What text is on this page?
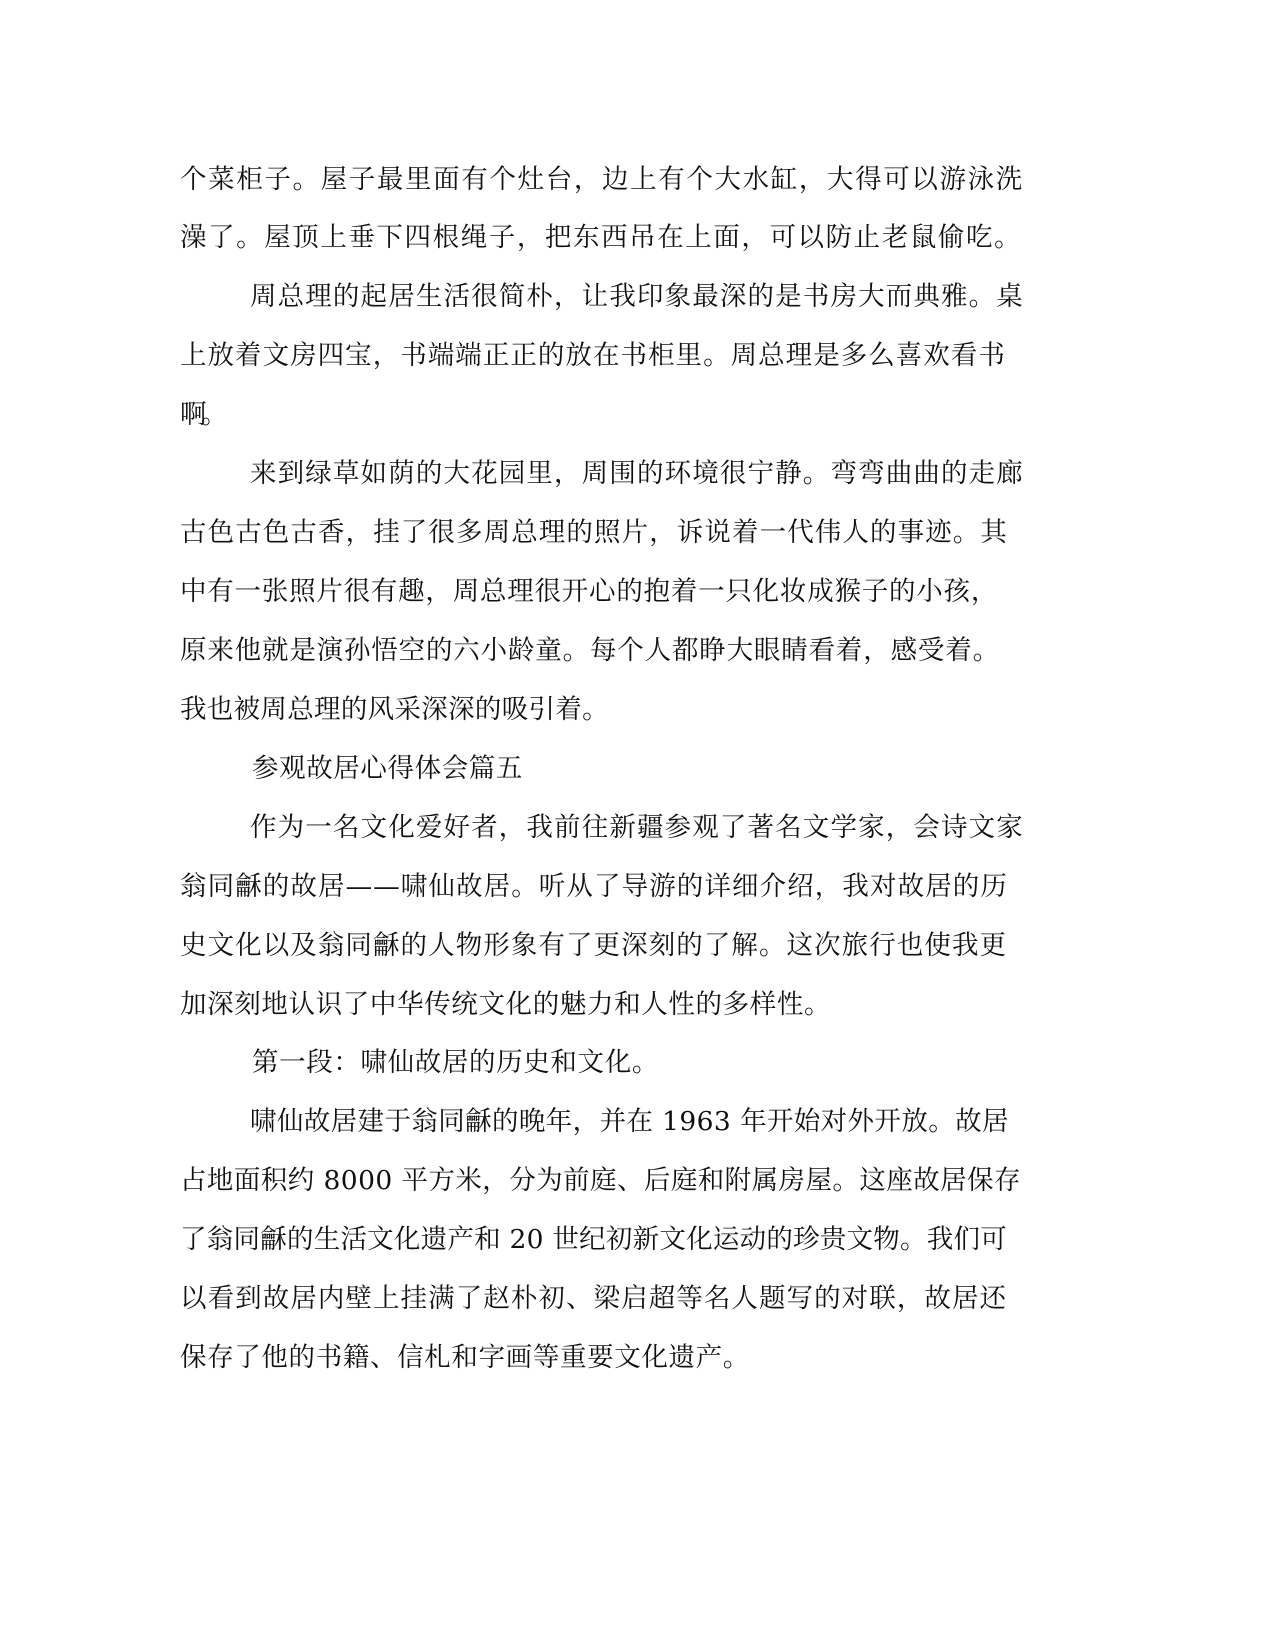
个菜柜子。屋子最里面有个灶台，边上有个大水缸，大得可以游泳洗

澡了。屋顶上垂下四根绳子，把东西吊在上面，可以防止老鼠偷吃。

周总理的起居生活很简朴，让我印象最深的是书房大而典雅。桌

上放着文房四宝，书端端正正的放在书柜里。周总理是多么喜欢看书

啊。

来到绿草如荫的大花园里，周围的环境很宁静。弯弯曲曲的走廊

古色古色古香，挂了很多周总理的照片，诉说着一代伟人的事迹。其

中有一张照片很有趣，周总理很开心的抱着一只化妆成猴子的小孩，

原来他就是演孙悟空的六小龄童。每个人都睁大眼睛看着，感受着。

我也被周总理的风采深深的吸引着。

参观故居心得体会篇五

作为一名文化爱好者，我前往新疆参观了著名文学家，会诗文家

翁同龢的故居——啸仙故居。听从了导游的详细介绍，我对故居的历

史文化以及翁同龢的人物形象有了更深刻的了解。这次旅行也使我更

加深刻地认识了中华传统文化的魅力和人性的多样性。

第一段：啸仙故居的历史和文化。

啸仙故居建于翁同龢的晚年，并在 1963 年开始对外开放。故居

占地面积约 8000 平方米，分为前庭、后庭和附属房屋。这座故居保存

了翁同龢的生活文化遗产和 20 世纪初新文化运动的珍贵文物。我们可

以看到故居内壁上挂满了赵朴初、梁启超等名人题写的对联，故居还

保存了他的书籍、信札和字画等重要文化遗产。
